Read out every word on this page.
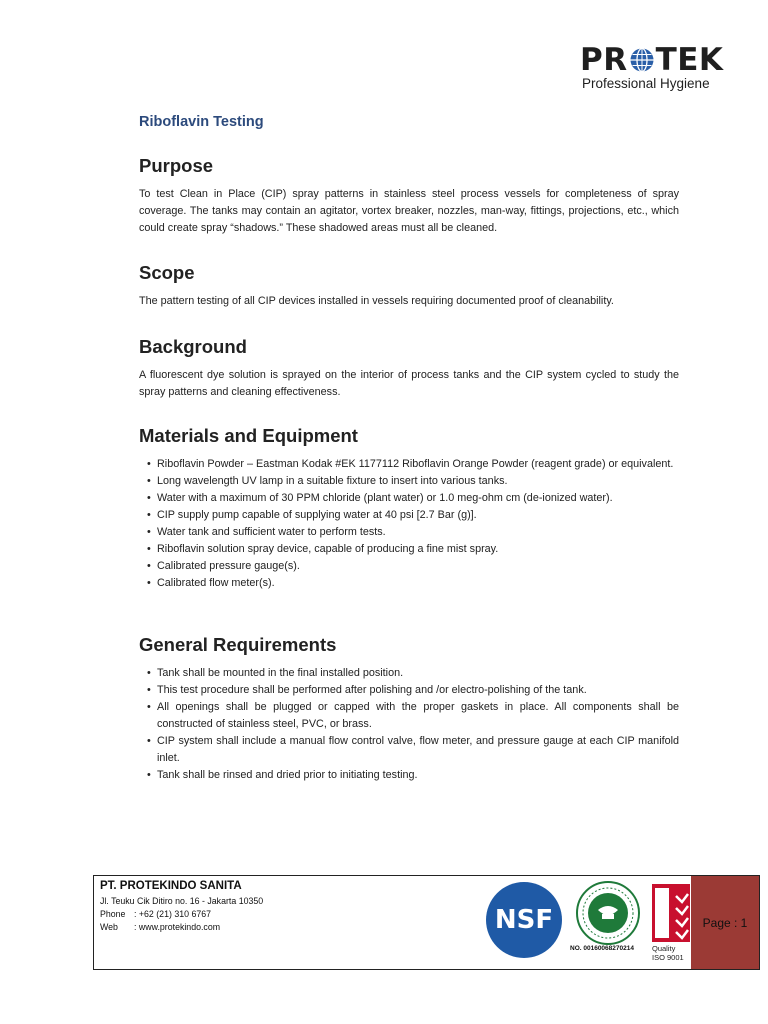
PR TEK
Professional Hygiene
Riboflavin Testing
Purpose

To test Clean in Place (CIP) spray patterns in stainless steel process vessels for completeness of spray coverage. The tanks may contain an agitator, vortex breaker, nozzles, man-way, fittings, projections, etc., which could create spray “shadows.” These shadowed areas must all be cleaned.

Scope

The pattern testing of all CIP devices installed in vessels requiring documented proof of cleanability.

Background

A fluorescent dye solution is sprayed on the interior of process tanks and the CIP system cycled to study the spray patterns and cleaning effectiveness.

Materials and Equipment
• Riboflavin Powder – Eastman Kodak #EK 1177112 Riboflavin Orange Powder (reagent grade) or equivalent.
• Long wavelength UV lamp in a suitable fixture to insert into various tanks.
• Water with a maximum of 30 PPM chloride (plant water) or 1.0 meg-ohm cm (de-ionized water).
• CIP supply pump capable of supplying water at 40 psi [2.7 Bar (g)].
• Water tank and sufficient water to perform tests.
• Riboflavin solution spray device, capable of producing a fine mist spray.
• Calibrated pressure gauge(s).
• Calibrated flow meter(s).
General Requirements
• Tank shall be mounted in the final installed position.
• This test procedure shall be performed after polishing and /or electro-polishing of the tank.
• All openings shall be plugged or capped with the proper gaskets in place. All components shall be constructed of stainless steel, PVC, or brass.
• CIP system shall include a manual flow control valve, flow meter, and pressure gauge at each CIP manifold inlet.
• Tank shall be rinsed and dried prior to initiating testing.
PT. PROTEKINDO SANITA
Jl. Teuku Cik Ditiro no. 16 - Jakarta 10350
Phone : +62 (21) 310 6767
Web : www.protekindo.com	NSF
NO. 00160068270214 Quality
ISO 9001
Page : 1
